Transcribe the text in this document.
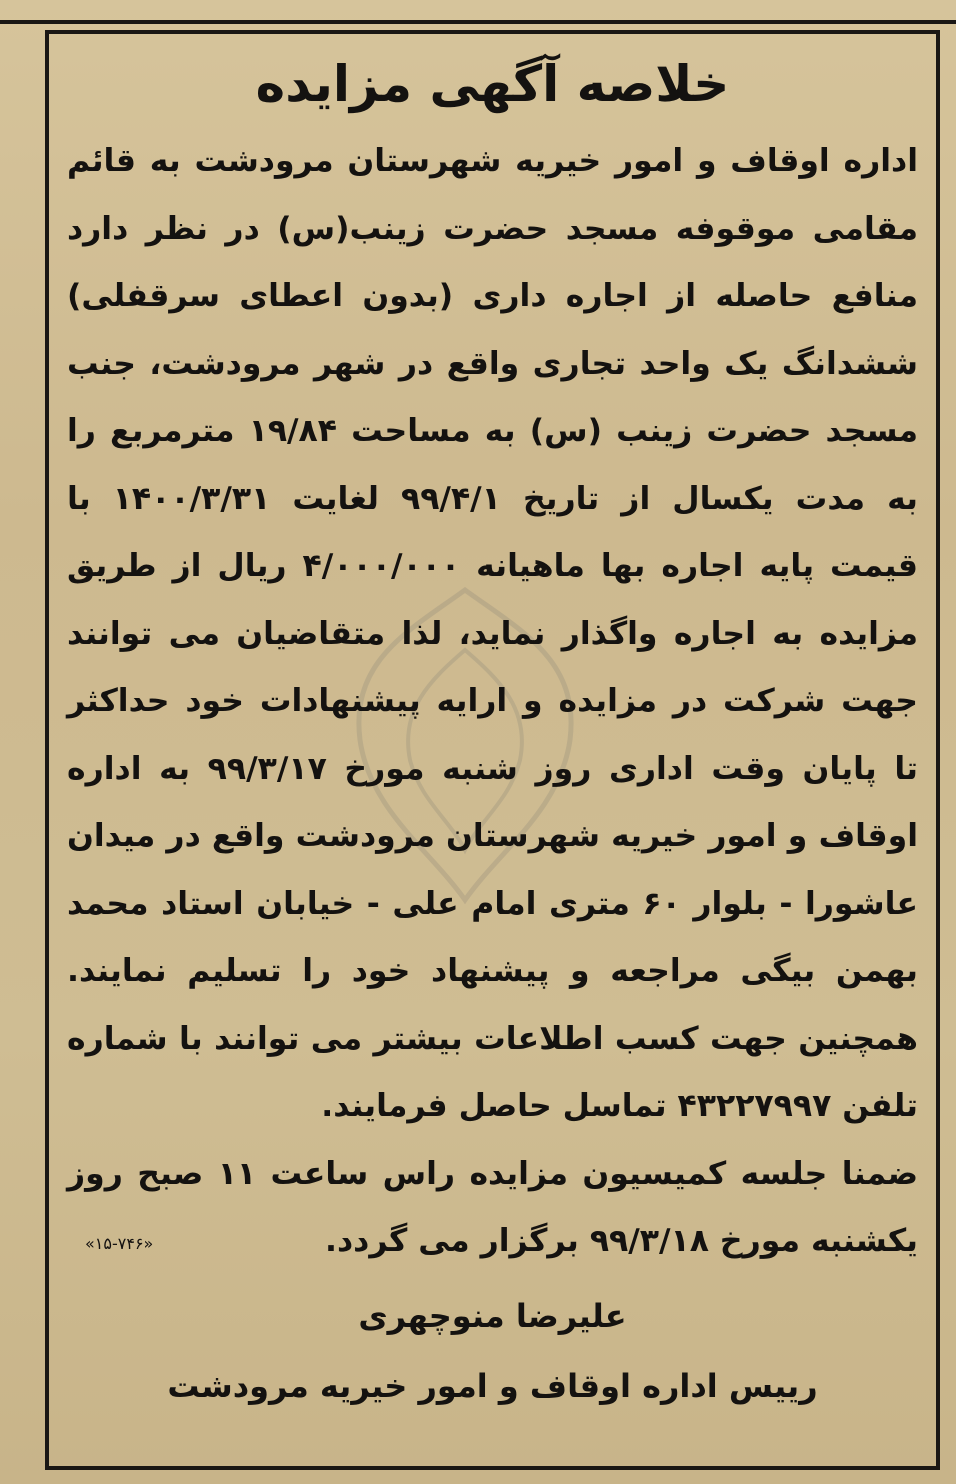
خلاصه آگهی مزایده

اداره اوقاف و امور خیریه شهرستان مرودشت به قائم

مقامی موقوفه مسجد حضرت زینب(س) در نظر دارد

منافع حاصله از اجاره داری (بدون اعطای سرقفلی)

ششدانگ یک واحد تجاری واقع در شهر مرودشت، جنب

مسجد حضرت زینب (س) به مساحت ۱۹/۸۴ مترمربع را

به مدت یکسال از تاریخ ۹۹/۴/۱ لغایت ۱۴۰۰/۳/۳۱ با

قیمت پایه اجاره بها ماهیانه ۴/۰۰۰/۰۰۰ ریال از طریق

مزایده به اجاره واگذار نماید، لذا متقاضیان می توانند

جهت شرکت در مزایده و ارایه پیشنهادات خود حداکثر

تا پایان وقت اداری روز شنبه مورخ ۹۹/۳/۱۷ به اداره

اوقاف و امور خیریه شهرستان مرودشت واقع در میدان

عاشورا - بلوار ۶۰ متری امام علی - خیابان استاد محمد

بهمن بیگی مراجعه و پیشنهاد خود را تسلیم نمایند.

همچنین جهت کسب اطلاعات بیشتر می توانند با شماره

تلفن ۴۳۲۲۷۹۹۷ تماسل حاصل فرمایند.

ضمنا جلسه کمیسیون مزایده راس ساعت ۱۱ صبح روز

یکشنبه مورخ ۹۹/۳/۱۸ برگزار می گردد.
«۱۵-۷۴۶»

علیرضا منوچهری

رییس اداره اوقاف و امور خیریه مرودشت
